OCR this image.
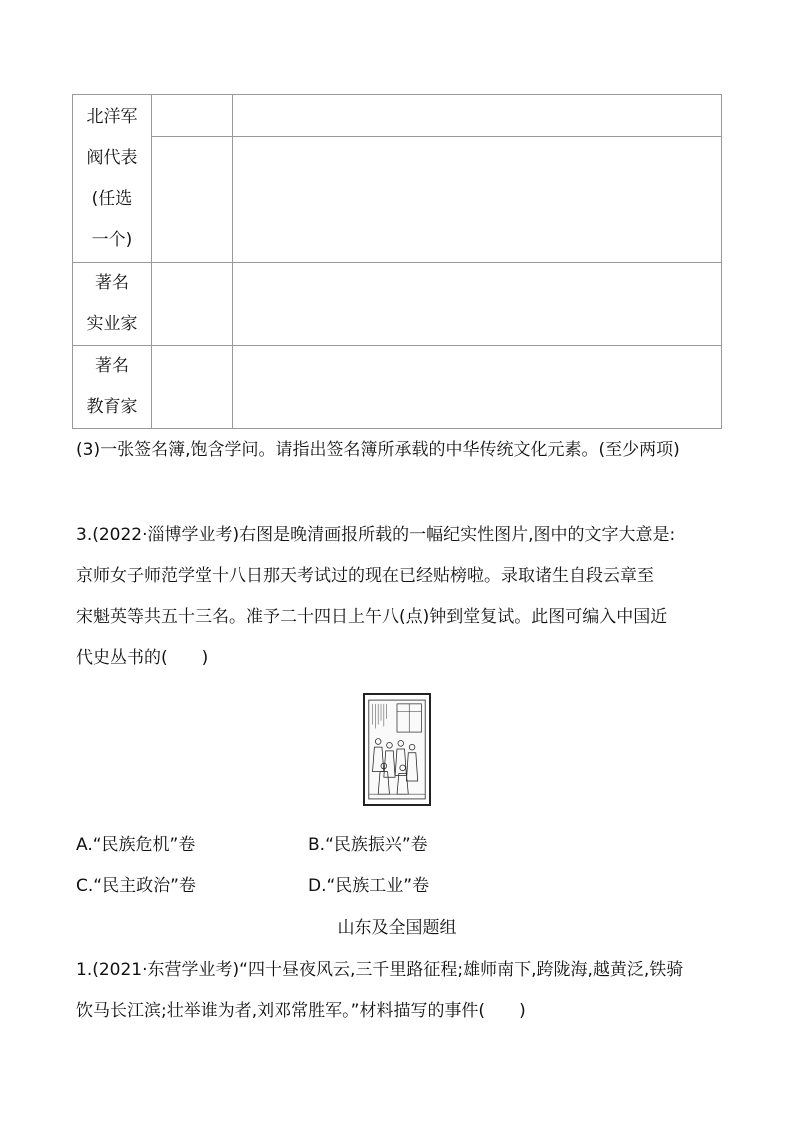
北洋军
阀代表
(任选
一个)		

著名
实业家		

著名
教育家		

(3)一张签名簿,饱含学问。请指出签名簿所承载的中华传统文化元素。(至少两项)
3.(2022·淄博学业考)右图是晚清画报所载的一幅纪实性图片,图中的文字大意是:
京师女子师范学堂十八日那天考试过的现在已经贴榜啦。录取诸生自段云章至
宋魁英等共五十三名。准予二十四日上午八(点)钟到堂复试。此图可编入中国近
代史丛书的(　　)
A.“民族危机”卷	B.“民族振兴”卷
C.“民主政治”卷	D.“民族工业”卷
山东及全国题组
1.(2021·东营学业考)“四十昼夜风云,三千里路征程;雄师南下,跨陇海,越黄泛,铁骑
饮马长江滨;壮举谁为者,刘邓常胜军。”材料描写的事件(　　)
